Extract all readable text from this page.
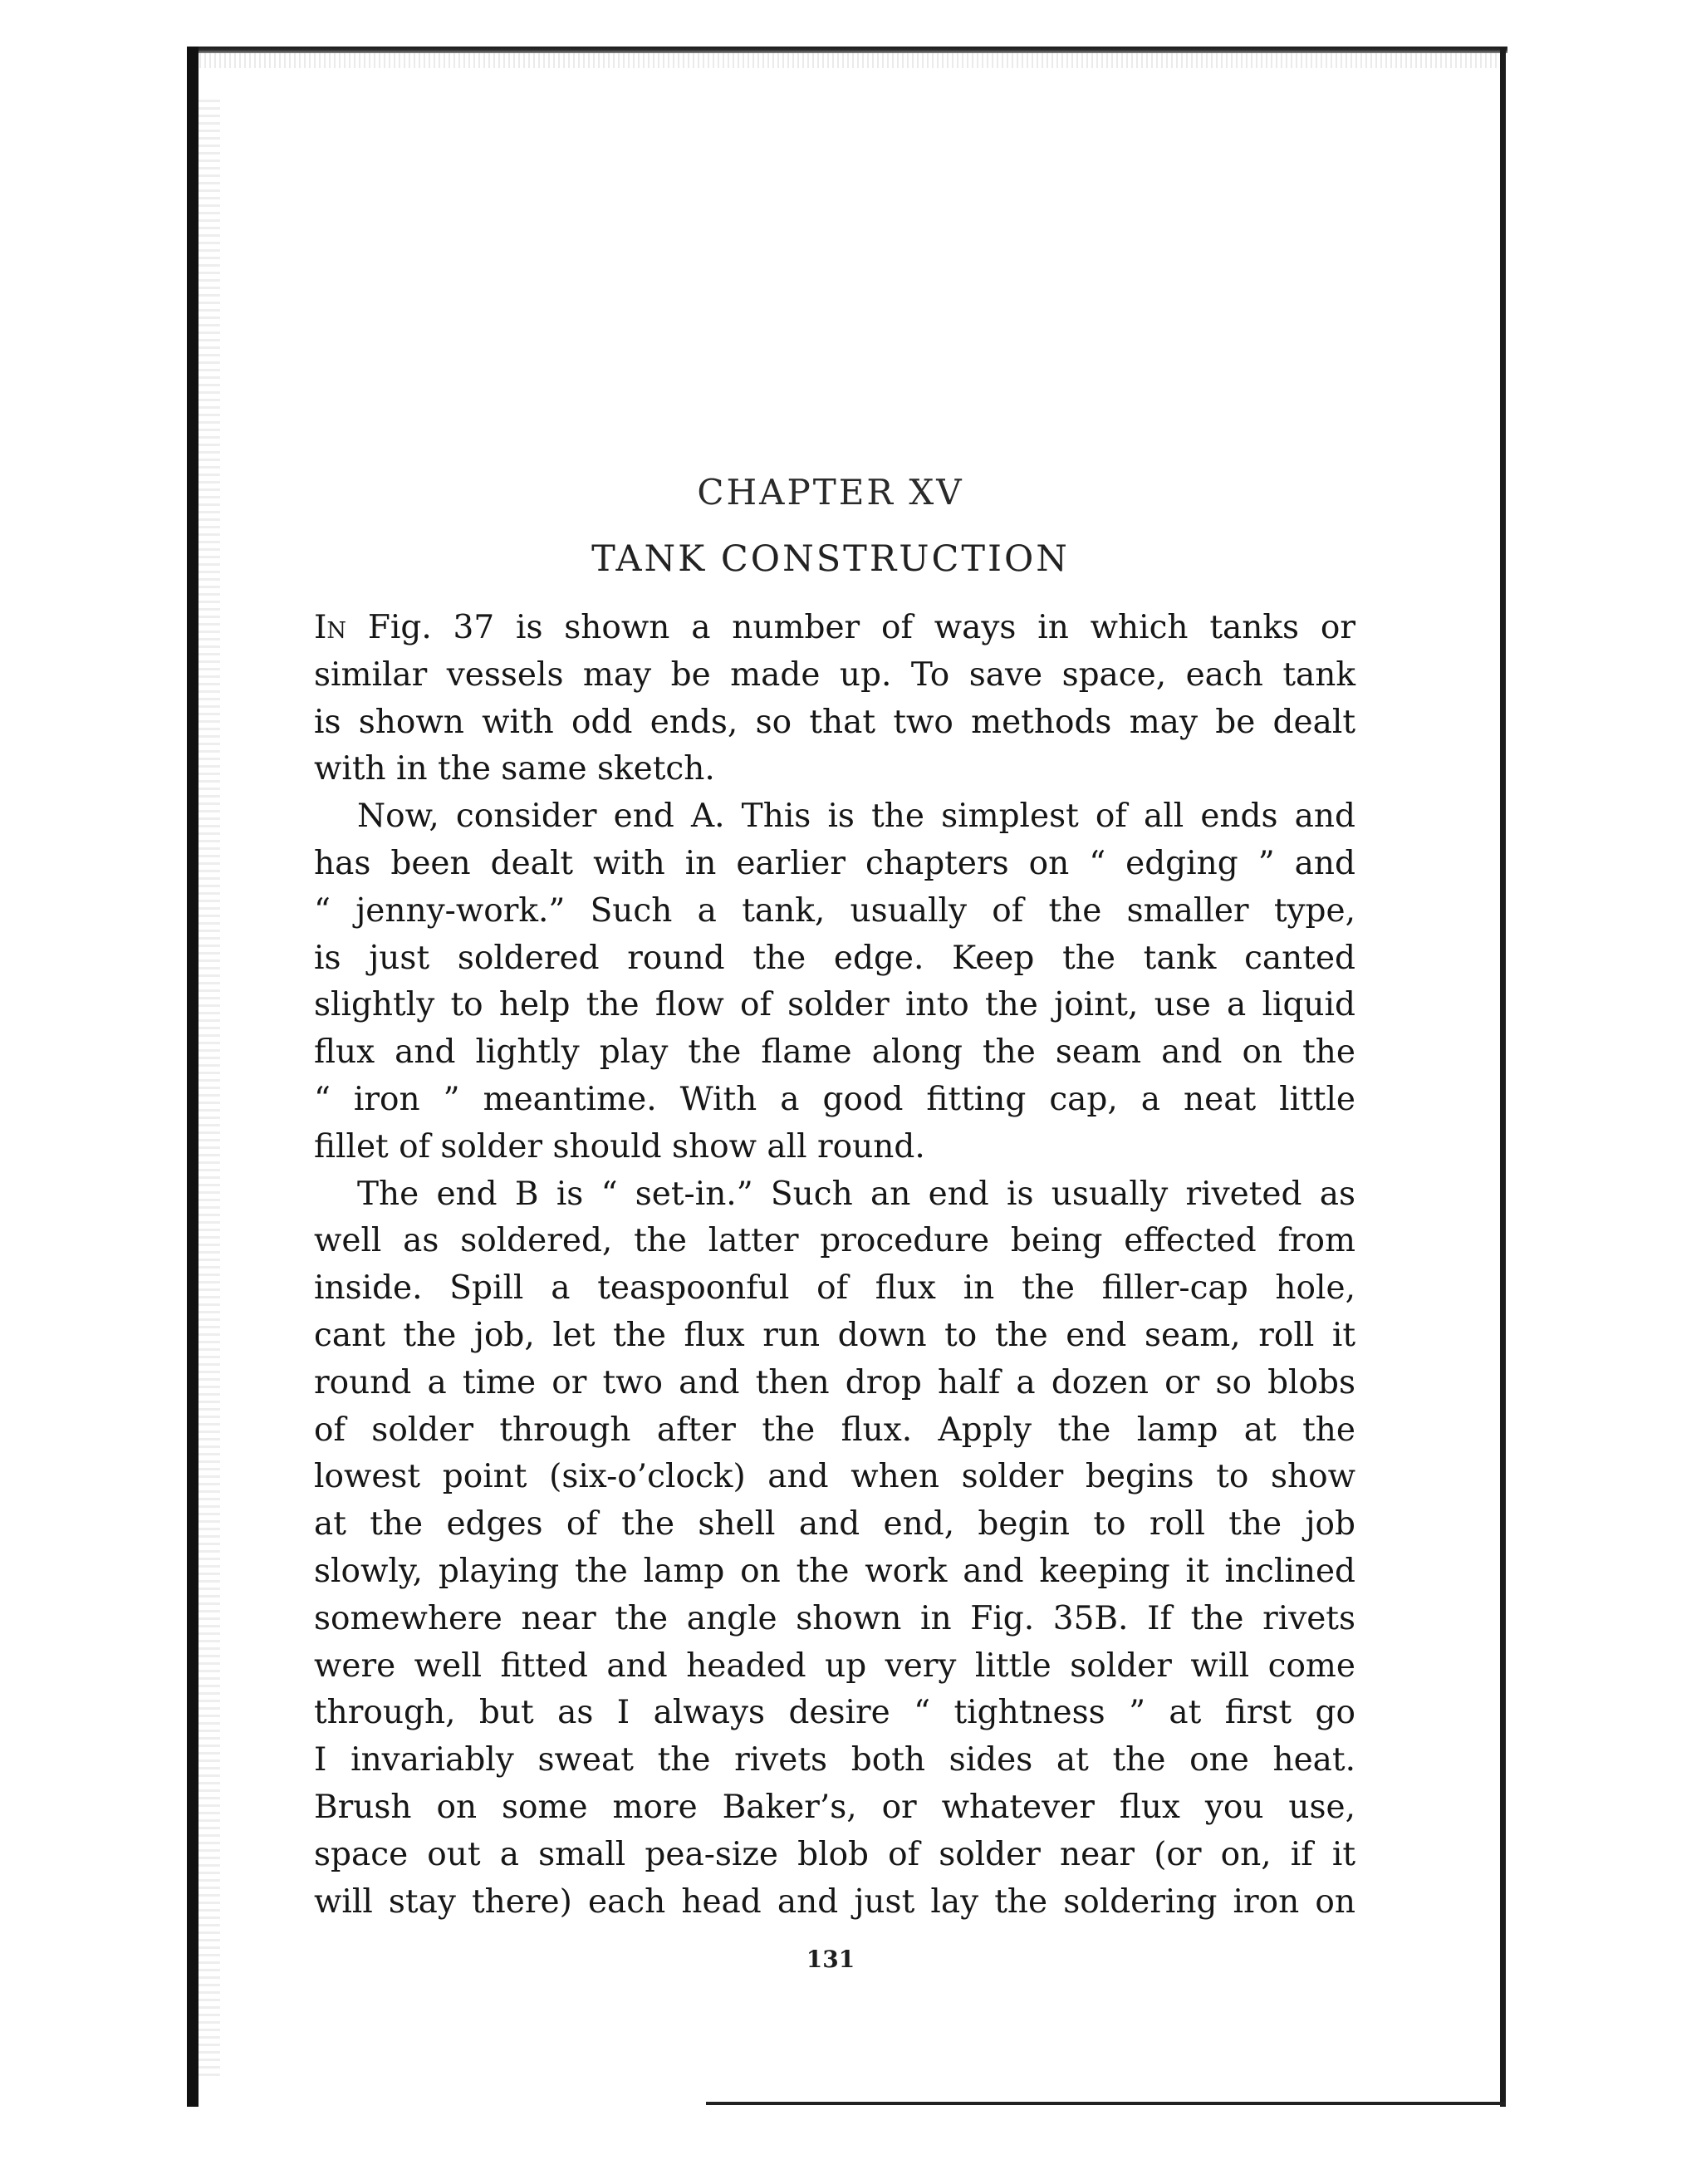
CHAPTER XV
TANK CONSTRUCTION
In Fig. 37 is shown a number of ways in which tanks or
similar vessels may be made up. To save space, each tank
is shown with odd ends, so that two methods may be dealt
with in the same sketch.
Now, consider end A. This is the simplest of all ends and
has been dealt with in earlier chapters on “ edging ” and
“ jenny-work.” Such a tank, usually of the smaller type,
is just soldered round the edge. Keep the tank canted
slightly to help the flow of solder into the joint, use a liquid
flux and lightly play the flame along the seam and on the
“ iron ” meantime. With a good fitting cap, a neat little
fillet of solder should show all round.
The end B is “ set-in.” Such an end is usually riveted as
well as soldered, the latter procedure being effected from
inside. Spill a teaspoonful of flux in the filler-cap hole,
cant the job, let the flux run down to the end seam, roll it
round a time or two and then drop half a dozen or so blobs
of solder through after the flux. Apply the lamp at the
lowest point (six-o’clock) and when solder begins to show
at the edges of the shell and end, begin to roll the job
slowly, playing the lamp on the work and keeping it inclined
somewhere near the angle shown in Fig. 35B. If the rivets
were well fitted and headed up very little solder will come
through, but as I always desire “ tightness ” at first go
I invariably sweat the rivets both sides at the one heat.
Brush on some more Baker’s, or whatever flux you use,
space out a small pea-size blob of solder near (or on, if it
will stay there) each head and just lay the soldering iron on
131
